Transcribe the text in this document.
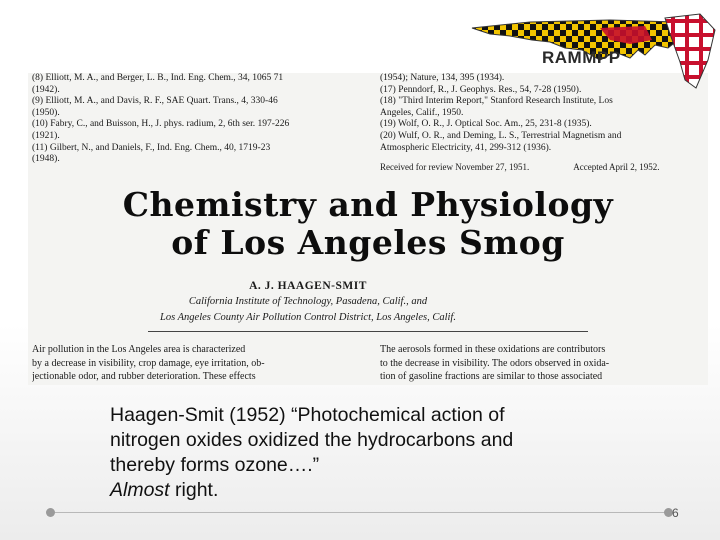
(8) Elliott, M. A., and Berger, L. B., Ind. Eng. Chem., 34, 1065 71
(1942).
(9) Elliott, M. A., and Davis, R. F., SAE Quart. Trans., 4, 330-46
(1950).
(10) Fabry, C., and Buisson, H., J. phys. radium, 2, 6th ser. 197-226
(1921).
(11) Gilbert, N., and Daniels, F., Ind. Eng. Chem., 40, 1719-23
(1948).
(1954); Nature, 134, 395 (1934).
(17) Penndorf, R., J. Geophys. Res., 54, 7-28 (1950).
(18) "Third Interim Report," Stanford Research Institute, Los
Angeles, Calif., 1950.
(19) Wolf, O. R., J. Optical Soc. Am., 25, 231-8 (1935).
(20) Wulf, O. R., and Deming, L. S., Terrestrial Magnetism and
Atmospheric Electricity, 41, 299-312 (1936).
Received for review November 27, 1951.	Accepted April 2, 1952.
Chemistry and Physiology
of Los Angeles Smog
A. J. HAAGEN-SMIT
California Institute of Technology, Pasadena, Calif., and
Los Angeles County Air Pollution Control District, Los Angeles, Calif.
Air pollution in the Los Angeles area is characterized
by a decrease in visibility, crop damage, eye irritation, ob-
jectionable odor, and rubber deterioration. These effects
The aerosols formed in these oxidations are contributors
to the decrease in visibility. The odors observed in oxida-
tion of gasoline fractions are similar to those associated
RAMMPP
Haagen-Smit (1952) “Photochemical action of
nitrogen oxides oxidized the hydrocarbons and
thereby forms ozone….”
Almost right.
6
